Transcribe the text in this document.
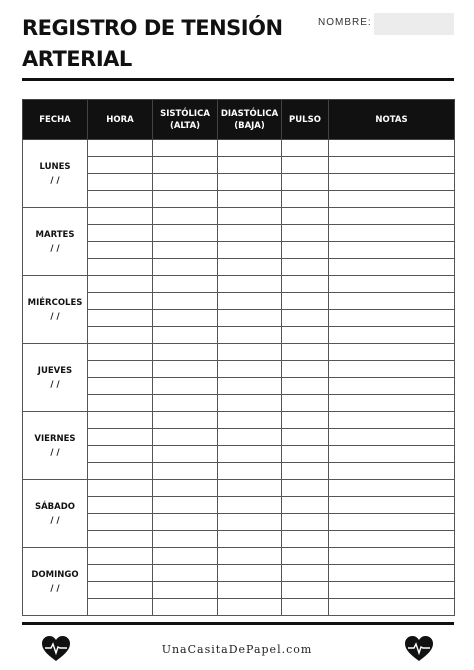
REGISTRO DE TENSIÓN ARTERIAL
NOMBRE:
FECHA	HORA	SISTÓLICA (ALTA)	DIASTÓLICA (BAJA)	PULSO	NOTAS

LUNES
/ /					

MARTES
/ /					

MIÉRCOLES
/ /					

JUEVES
/ /					

VIERNES
/ /					

SÁBADO
/ /					

DOMINGO
/ /					

UnaCasitaDePapel.com
